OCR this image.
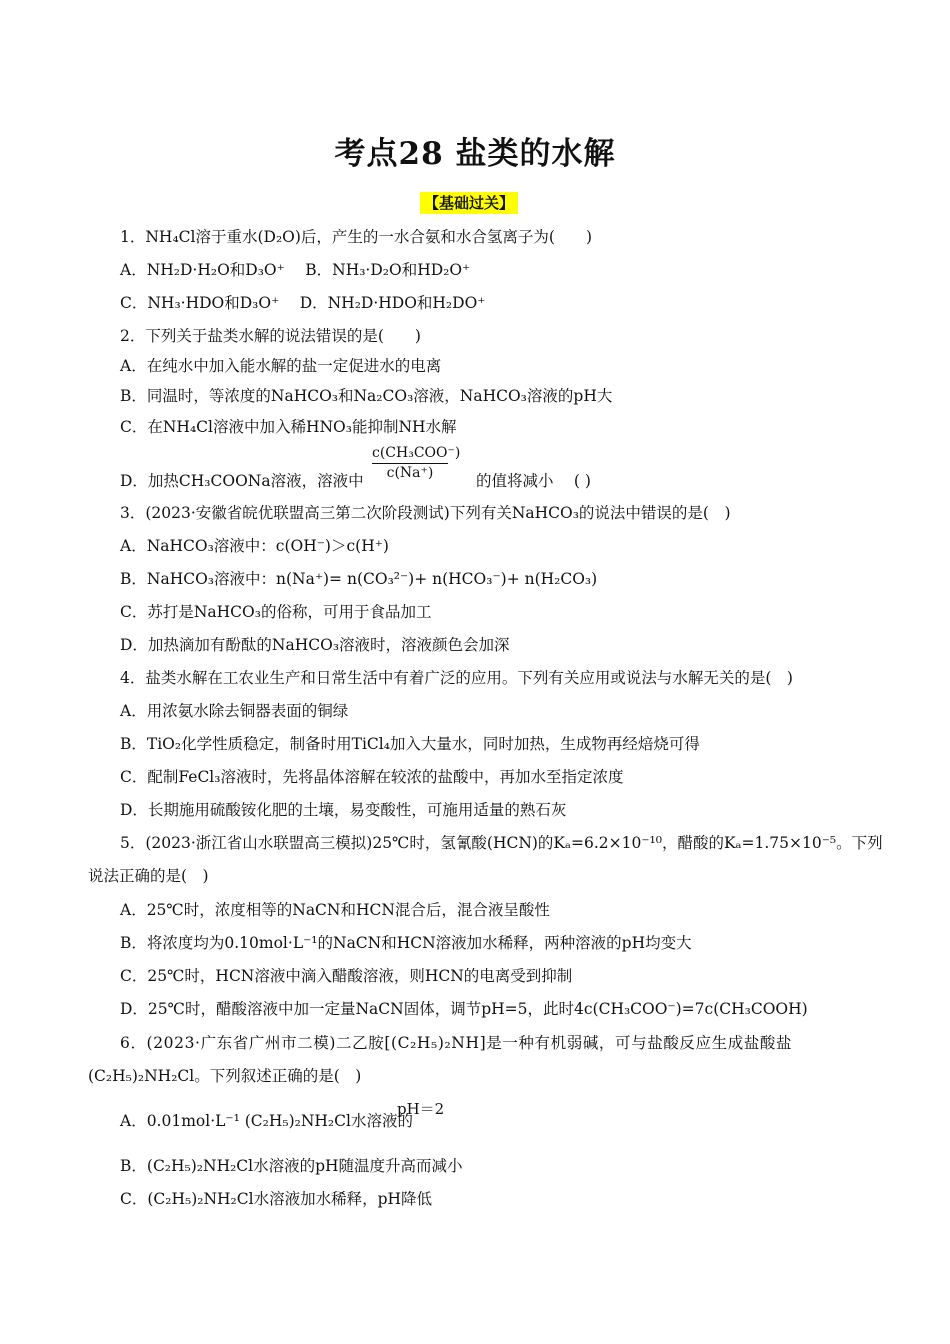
考点28 盐类的水解
【基础过关】
1．NH₄Cl溶于重水(D₂O)后，产生的一水合氨和水合氢离子为(　　)
A．NH₂D·H₂O和D₃O⁺　 B．NH₃·D₂O和HD₂O⁺
C．NH₃·HDO和D₃O⁺　 D．NH₂D·HDO和H₂DO⁺
2．下列关于盐类水解的说法错误的是(　　)
A．在纯水中加入能水解的盐一定促进水的电离
B．同温时，等浓度的NaHCO₃和Na₂CO₃溶液，NaHCO₃溶液的pH大
C．在NH₄Cl溶液中加入稀HNO₃能抑制NH水解
D．加热CH₃COONa溶液，溶液中
c(CH₃COO⁻)
c(Na⁺)	的值将减小　 ( )
3．(2023·安徽省皖优联盟高三第二次阶段测试)下列有关NaHCO₃的说法中错误的是(　)
A．NaHCO₃溶液中：c(OH⁻)＞c(H⁺)
B．NaHCO₃溶液中：n(Na⁺)= n(CO₃²⁻)+ n(HCO₃⁻)+ n(H₂CO₃)
C．苏打是NaHCO₃的俗称，可用于食品加工
D．加热滴加有酚酞的NaHCO₃溶液时，溶液颜色会加深
4．盐类水解在工农业生产和日常生活中有着广泛的应用。下列有关应用或说法与水解无关的是(　)
A．用浓氨水除去铜器表面的铜绿
B．TiO₂化学性质稳定，制备时用TiCl₄加入大量水，同时加热，生成物再经焙烧可得
C．配制FeCl₃溶液时，先将晶体溶解在较浓的盐酸中，再加水至指定浓度
D．长期施用硫酸铵化肥的土壤，易变酸性，可施用适量的熟石灰
5．(2023·浙江省山水联盟高三模拟)25℃时，氢氰酸(HCN)的Kₐ=6.2×10⁻¹⁰，醋酸的Kₐ=1.75×10⁻⁵。下列
说法正确的是(　)
A．25℃时，浓度相等的NaCN和HCN混合后，混合液呈酸性
B．将浓度均为0.10mol·L⁻¹的NaCN和HCN溶液加水稀释，两种溶液的pH均变大
C．25℃时，HCN溶液中滴入醋酸溶液，则HCN的电离受到抑制
D．25℃时，醋酸溶液中加一定量NaCN固体，调节pH=5，此时4c(CH₃COO⁻)=7c(CH₃COOH)
6．(2023·广东省广州市二模)二乙胺[(C₂H₅)₂NH]是一种有机弱碱，可与盐酸反应生成盐酸盐
(C₂H₅)₂NH₂Cl。下列叙述正确的是(　)
A．0.01mol·L⁻¹ (C₂H₅)₂NH₂Cl水溶液的
pH＝2
B．(C₂H₅)₂NH₂Cl水溶液的pH随温度升高而减小
C．(C₂H₅)₂NH₂Cl水溶液加水稀释，pH降低
